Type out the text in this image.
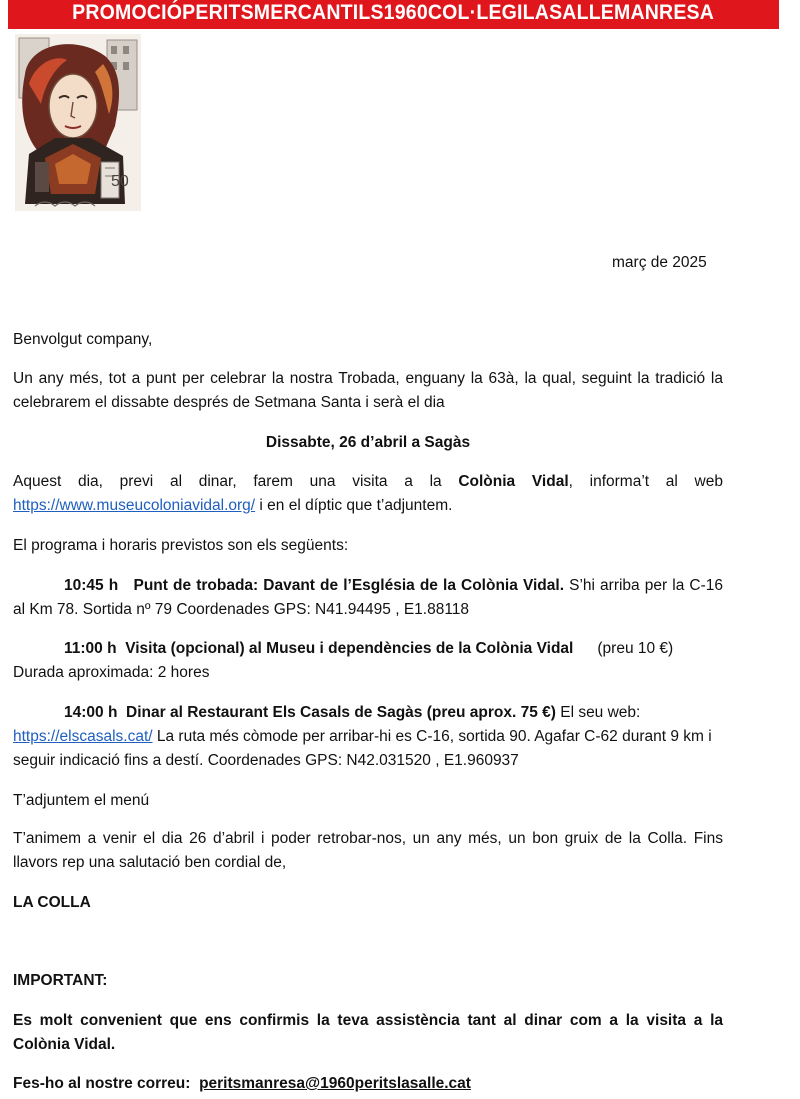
PROMOCIÓPERITSMERCANTILS1960COL·LEGILASALLEMANRESA
50
març de 2025

Benvolgut company,

Un any més, tot a punt per celebrar la nostra Trobada, enguany la 63à, la qual, seguint la tradició la celebrarem el dissabte després de Setmana Santa i serà el dia

Dissabte, 26 d’abril a Sagàs

Aquest dia, previ al dinar, farem una visita a la Colònia Vidal, informa’t al web https://www.museucoloniavidal.org/ i en el díptic que t’adjuntem.

El programa i horaris previstos son els següents:

10:45 h Punt de trobada: Davant de l’Església de la Colònia Vidal. S’hi arriba per la C-16 al Km 78. Sortida nº 79 Coordenades GPS: N41.94495 , E1.88118

11:00 h Visita (opcional) al Museu i dependències de la Colònia Vidal (preu 10 €)
Durada aproximada: 2 hores

14:00 h Dinar al Restaurant Els Casals de Sagàs (preu aprox. 75 €) El seu web: https://elscasals.cat/ La ruta més còmode per arribar-hi es C-16, sortida 90. Agafar C-62 durant 9 km i seguir indicació fins a destí. Coordenades GPS: N42.031520 , E1.960937

T’adjuntem el menú

T’animem a venir el dia 26 d’abril i poder retrobar-nos, un any més, un bon gruix de la Colla. Fins llavors rep una salutació ben cordial de,

LA COLLA

IMPORTANT:

Es molt convenient que ens confirmis la teva assistència tant al dinar com a la visita a la Colònia Vidal.

Fes-ho al nostre correu: peritsmanresa@1960peritslasalle.cat
